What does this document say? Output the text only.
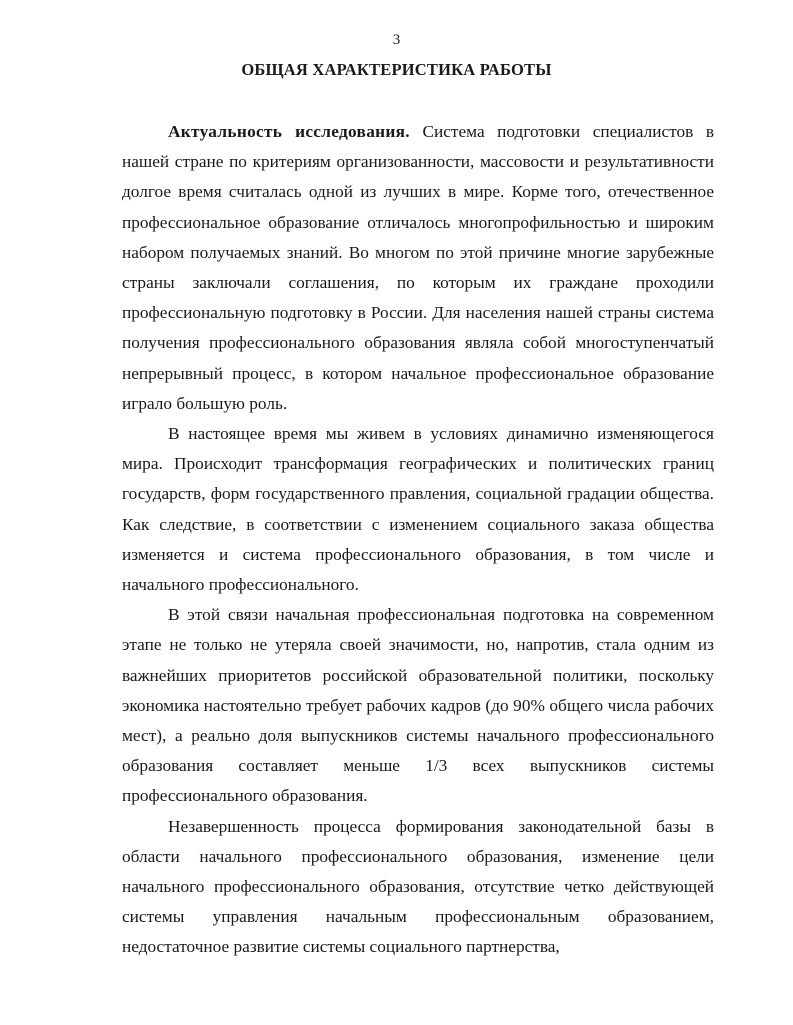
3
ОБЩАЯ ХАРАКТЕРИСТИКА РАБОТЫ

Актуальность исследования. Система подготовки специалистов в нашей стране по критериям организованности, массовости и результативности долгое время считалась одной из лучших в мире. Корме того, отечественное профессиональное образование отличалось многопрофильностью и широким набором получаемых знаний. Во многом по этой причине многие зарубежные страны заключали соглашения, по которым их граждане проходили профессиональную подготовку в России. Для населения нашей страны система получения профессионального образования являла собой многоступенчатый непрерывный процесс, в котором начальное профессиональное образование играло большую роль.

В настоящее время мы живем в условиях динамично изменяющегося мира. Происходит трансформация географических и политических границ государств, форм государственного правления, социальной градации общества. Как следствие, в соответствии с изменением социального заказа общества изменяется и система профессионального образования, в том числе и начального профессионального.

В этой связи начальная профессиональная подготовка на современном этапе не только не утеряла своей значимости, но, напротив, стала одним из важнейших приоритетов российской образовательной политики, поскольку экономика настоятельно требует рабочих кадров (до 90% общего числа рабочих мест), а реально доля выпускников системы начального профессионального образования составляет меньше 1/3 всех выпускников системы профессионального образования.

Незавершенность процесса формирования законодательной базы в области начального профессионального образования, изменение цели начального профессионального образования, отсутствие четко действующей системы управления начальным профессиональным образованием, недостаточное развитие системы социального партнерства,
